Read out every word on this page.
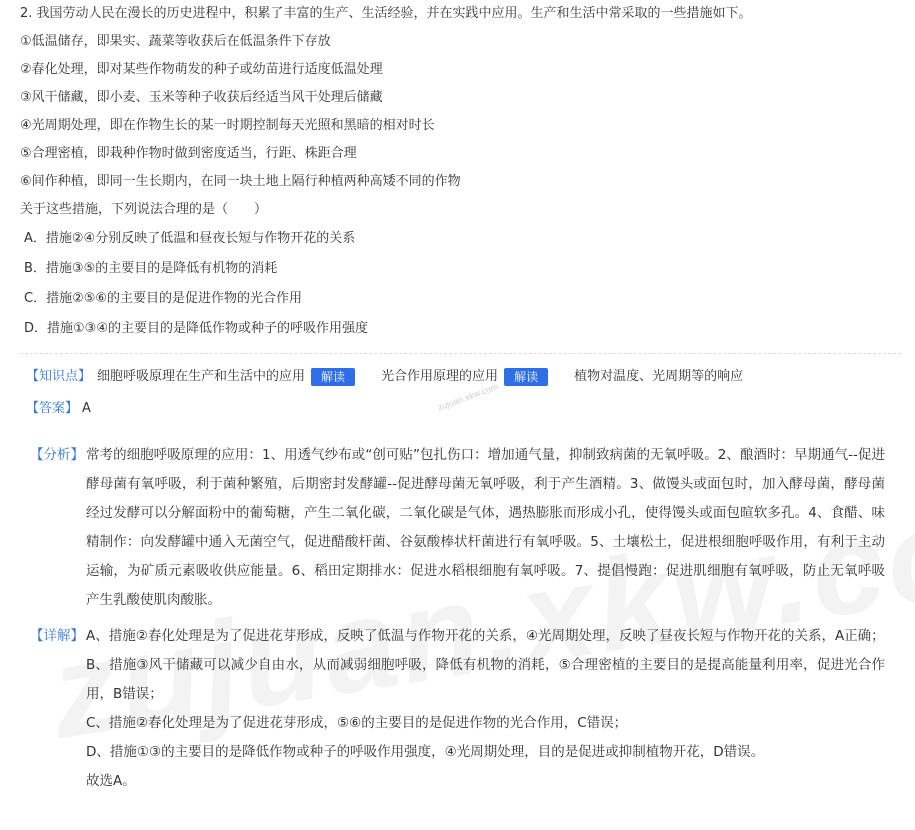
zujuan.xkw.com
2. 我国劳动人民在漫长的历史进程中，积累了丰富的生产、生活经验，并在实践中应用。生产和生活中常采取的一些措施如下。
①低温储存，即果实、蔬菜等收获后在低温条件下存放
②春化处理，即对某些作物萌发的种子或幼苗进行适度低温处理
③风干储藏，即小麦、玉米等种子收获后经适当风干处理后储藏
④光周期处理，即在作物生长的某一时期控制每天光照和黑暗的相对时长
⑤合理密植，即栽种作物时做到密度适当，行距、株距合理
⑥间作种植，即同一生长期内，在同一块土地上隔行种植两种高矮不同的作物
关于这些措施，下列说法合理的是（　　）
A．措施②④分别反映了低温和昼夜长短与作物开花的关系
B．措施③⑤的主要目的是降低有机物的消耗
C．措施②⑤⑥的主要目的是促进作物的光合作用
D．措施①③④的主要目的是降低作物或种子的呼吸作用强度
【知识点】 细胞呼吸原理在生产和生活中的应用	解读	光合作用原理的应用	解读	植物对温度、光周期等的响应
【答案】 A
【分析】 常考的细胞呼吸原理的应用：1、用透气纱布或“创可贴”包扎伤口：增加通气量，抑制致病菌的无氧呼吸。2、酿酒时：早期通气--促进酵母菌有氧呼吸，利于菌种繁殖，后期密封发酵罐--促进酵母菌无氧呼吸，利于产生酒精。3、做馒头或面包时，加入酵母菌，酵母菌经过发酵可以分解面粉中的葡萄糖，产生二氧化碳，二氧化碳是气体，遇热膨胀而形成小孔，使得馒头或面包暄软多孔。4、食醋、味精制作：向发酵罐中通入无菌空气，促进醋酸杆菌、谷氨酸棒状杆菌进行有氧呼吸。5、土壤松土，促进根细胞呼吸作用，有利于主动运输，为矿质元素吸收供应能量。6、稻田定期排水：促进水稻根细胞有氧呼吸。7、提倡慢跑：促进肌细胞有氧呼吸，防止无氧呼吸产生乳酸使肌肉酸胀。
【详解】 A、措施②春化处理是为了促进花芽形成，反映了低温与作物开花的关系，④光周期处理，反映了昼夜长短与作物开花的关系，A正确；
B、措施③风干储藏可以减少自由水，从而减弱细胞呼吸，降低有机物的消耗，⑤合理密植的主要目的是提高能量利用率，促进光合作用，B错误；
C、措施②春化处理是为了促进花芽形成，⑤⑥的主要目的是促进作物的光合作用，C错误；
D、措施①③的主要目的是降低作物或种子的呼吸作用强度，④光周期处理，目的是促进或抑制植物开花，D错误。
故选A。
